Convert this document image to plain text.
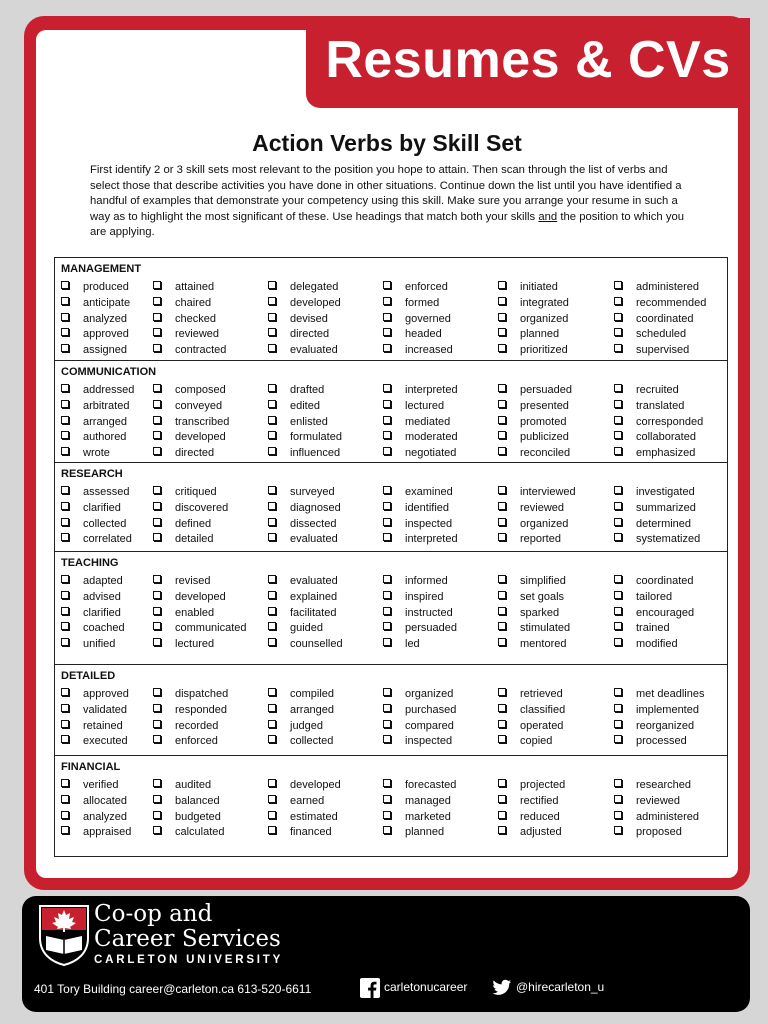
Resumes & CVs
Action Verbs by Skill Set
First identify 2 or 3 skill sets most relevant to the position you hope to attain. Then scan through the list of verbs and select those that describe activities you have done in other situations. Continue down the list until you have identified a handful of examples that demonstrate your competency using this skill. Make sure you arrange your resume in such a way as to highlight the most significant of these. Use headings that match both your skills and the position to which you are applying.
MANAGEMENT
produced	attained	delegated	enforced	initiated	administered
anticipate	chaired	developed	formed	integrated	recommended
analyzed	checked	devised	governed	organized	coordinated
approved	reviewed	directed	headed	planned	scheduled
assigned	contracted	evaluated	increased	prioritized	supervised
COMMUNICATION
addressed	composed	drafted	interpreted	persuaded	recruited
arbitrated	conveyed	edited	lectured	presented	translated
arranged	transcribed	enlisted	mediated	promoted	corresponded
authored	developed	formulated	moderated	publicized	collaborated
wrote	directed	influenced	negotiated	reconciled	emphasized
RESEARCH
assessed	critiqued	surveyed	examined	interviewed	investigated
clarified	discovered	diagnosed	identified	reviewed	summarized
collected	defined	dissected	inspected	organized	determined
correlated	detailed	evaluated	interpreted	reported	systematized
TEACHING
adapted	revised	evaluated	informed	simplified	coordinated
advised	developed	explained	inspired	set goals	tailored
clarified	enabled	facilitated	instructed	sparked	encouraged
coached	communicated	guided	persuaded	stimulated	trained
unified	lectured	counselled	led	mentored	modified
DETAILED
approved	dispatched	compiled	organized	retrieved	met deadlines
validated	responded	arranged	purchased	classified	implemented
retained	recorded	judged	compared	operated	reorganized
executed	enforced	collected	inspected	copied	processed
FINANCIAL
verified	audited	developed	forecasted	projected	researched
allocated	balanced	earned	managed	rectified	reviewed
analyzed	budgeted	estimated	marketed	reduced	administered
appraised	calculated	financed	planned	adjusted	proposed
Co-op and
Career Services
CARLETON UNIVERSITY
401 Tory Building career@carleton.ca 613-520-6611	carletonucareer	@hirecarleton_u
